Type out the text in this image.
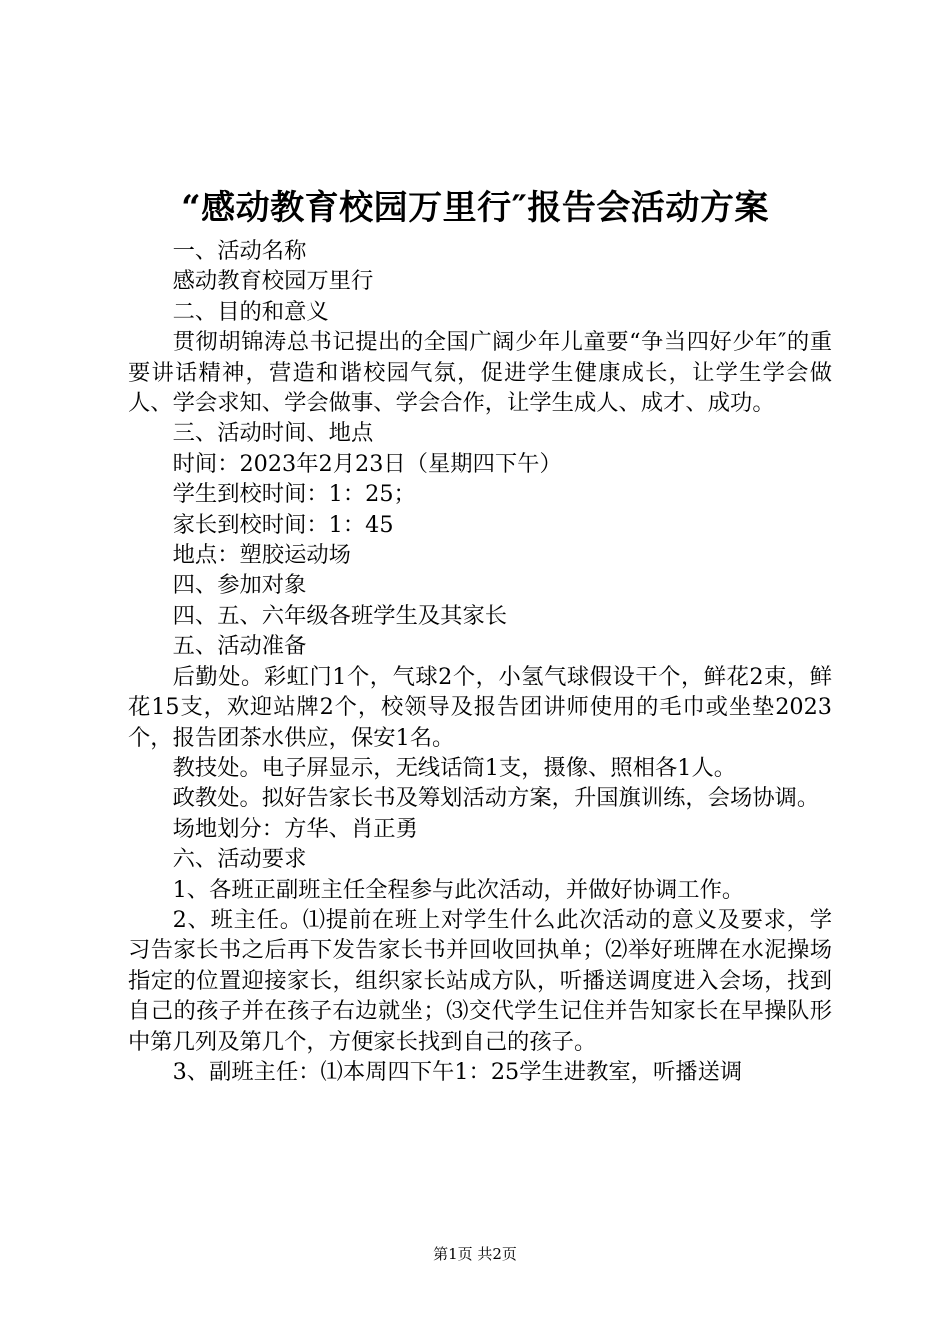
“感动教育校园万里行″报告会活动方案

一、活动名称

感动教育校园万里行

二、目的和意义

贯彻胡锦涛总书记提出的全国广阔少年儿童要“争当四好少年″的重要讲话精神，营造和谐校园气氛，促进学生健康成长，让学生学会做人、学会求知、学会做事、学会合作，让学生成人、成才、成功。

三、活动时间、地点

时间：2023年2月23日（星期四下午）

学生到校时间：1：25；

家长到校时间：1：45

地点：塑胶运动场

四、参加对象

四、五、六年级各班学生及其家长

五、活动准备

后勤处。彩虹门1个，气球2个，小氢气球假设干个，鲜花2束，鲜花15支，欢迎站牌2个，校领导及报告团讲师使用的毛巾或坐垫2023个，报告团茶水供应，保安1名。

教技处。电子屏显示，无线话筒1支，摄像、照相各1人。

政教处。拟好告家长书及筹划活动方案，升国旗训练，会场协调。

场地划分：方华、肖正勇

六、活动要求

1、各班正副班主任全程参与此次活动，并做好协调工作。

2、班主任。⑴提前在班上对学生什么此次活动的意义及要求，学习告家长书之后再下发告家长书并回收回执单；⑵举好班牌在水泥操场指定的位置迎接家长，组织家长站成方队，听播送调度进入会场，找到自己的孩子并在孩子右边就坐；⑶交代学生记住并告知家长在早操队形中第几列及第几个，方便家长找到自己的孩子。

3、副班主任：⑴本周四下午1：25学生进教室，听播送调

第1页 共2页
